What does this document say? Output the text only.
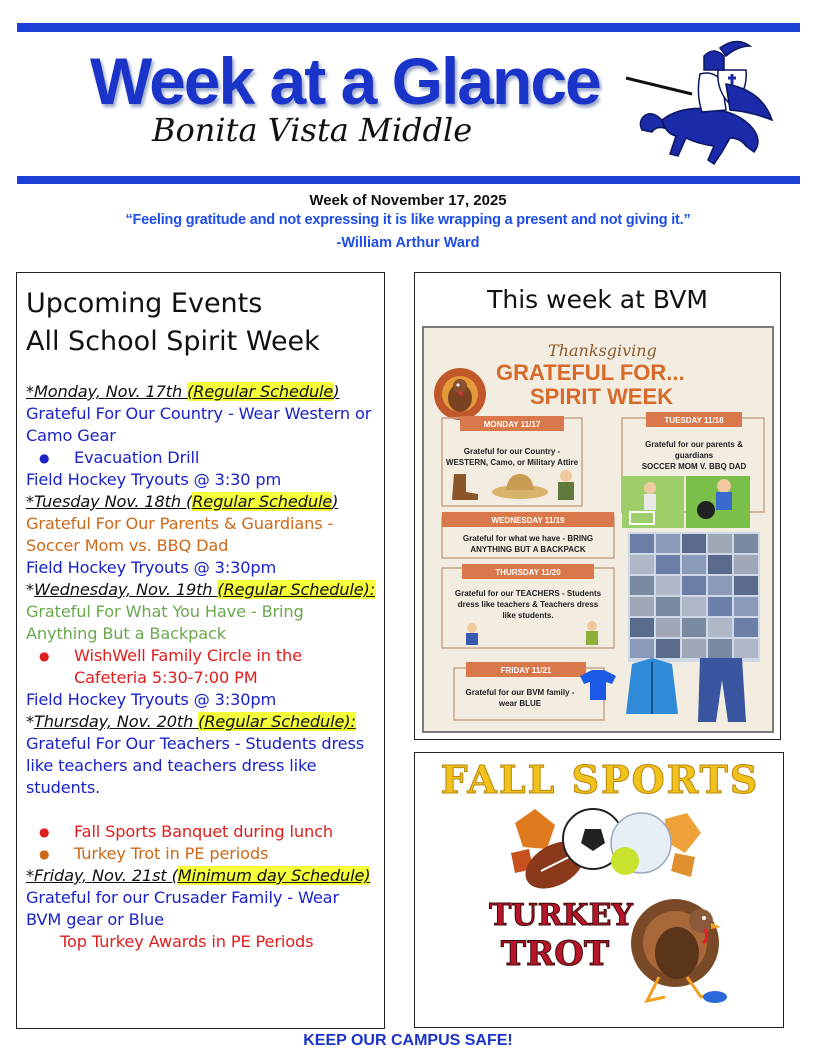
Week at a Glance
Bonita Vista Middle
Week of November 17, 2025
“Feeling gratitude and not expressing it is like wrapping a present and not giving it.”
-William Arthur Ward
Upcoming Events
All School Spirit Week
*Monday, Nov. 17th (Regular Schedule)
Grateful For Our Country - Wear Western or Camo Gear
● Evacuation Drill
Field Hockey Tryouts @ 3:30 pm
*Tuesday Nov. 18th (Regular Schedule)
Grateful For Our Parents & Guardians - Soccer Mom vs. BBQ Dad
Field Hockey Tryouts @ 3:30pm
*Wednesday, Nov. 19th (Regular Schedule):
Grateful For What You Have - Bring Anything But a Backpack
● WishWell Family Circle in the Cafeteria 5:30-7:00 PM
Field Hockey Tryouts @ 3:30pm
*Thursday, Nov. 20th (Regular Schedule):
Grateful For Our Teachers - Students dress like teachers and teachers dress like students.
● Fall Sports Banquet during lunch
● Turkey Trot in PE periods
*Friday, Nov. 21st (Minimum day Schedule)
Grateful for our Crusader Family - Wear BVM gear or Blue
Top Turkey Awards in PE Periods
This week at BVM
Thanksgiving
GRATEFUL FOR...
SPIRIT WEEK
MONDAY 11/17
Grateful for our Country -
WESTERN, Camo, or Military Attire
TUESDAY 11/18
Grateful for our parents &
guardians
SOCCER MOM V. BBQ DAD
WEDNESDAY 11/19
Grateful for what we have - BRING
ANYTHING BUT A BACKPACK
THURSDAY 11/20
Grateful for our TEACHERS - Students
dress like teachers & Teachers dress
like students.
FRIDAY 11/21
Grateful for our BVM family -
wear BLUE
FALL SPORTS
TURKEY
TROT
KEEP OUR CAMPUS SAFE!
